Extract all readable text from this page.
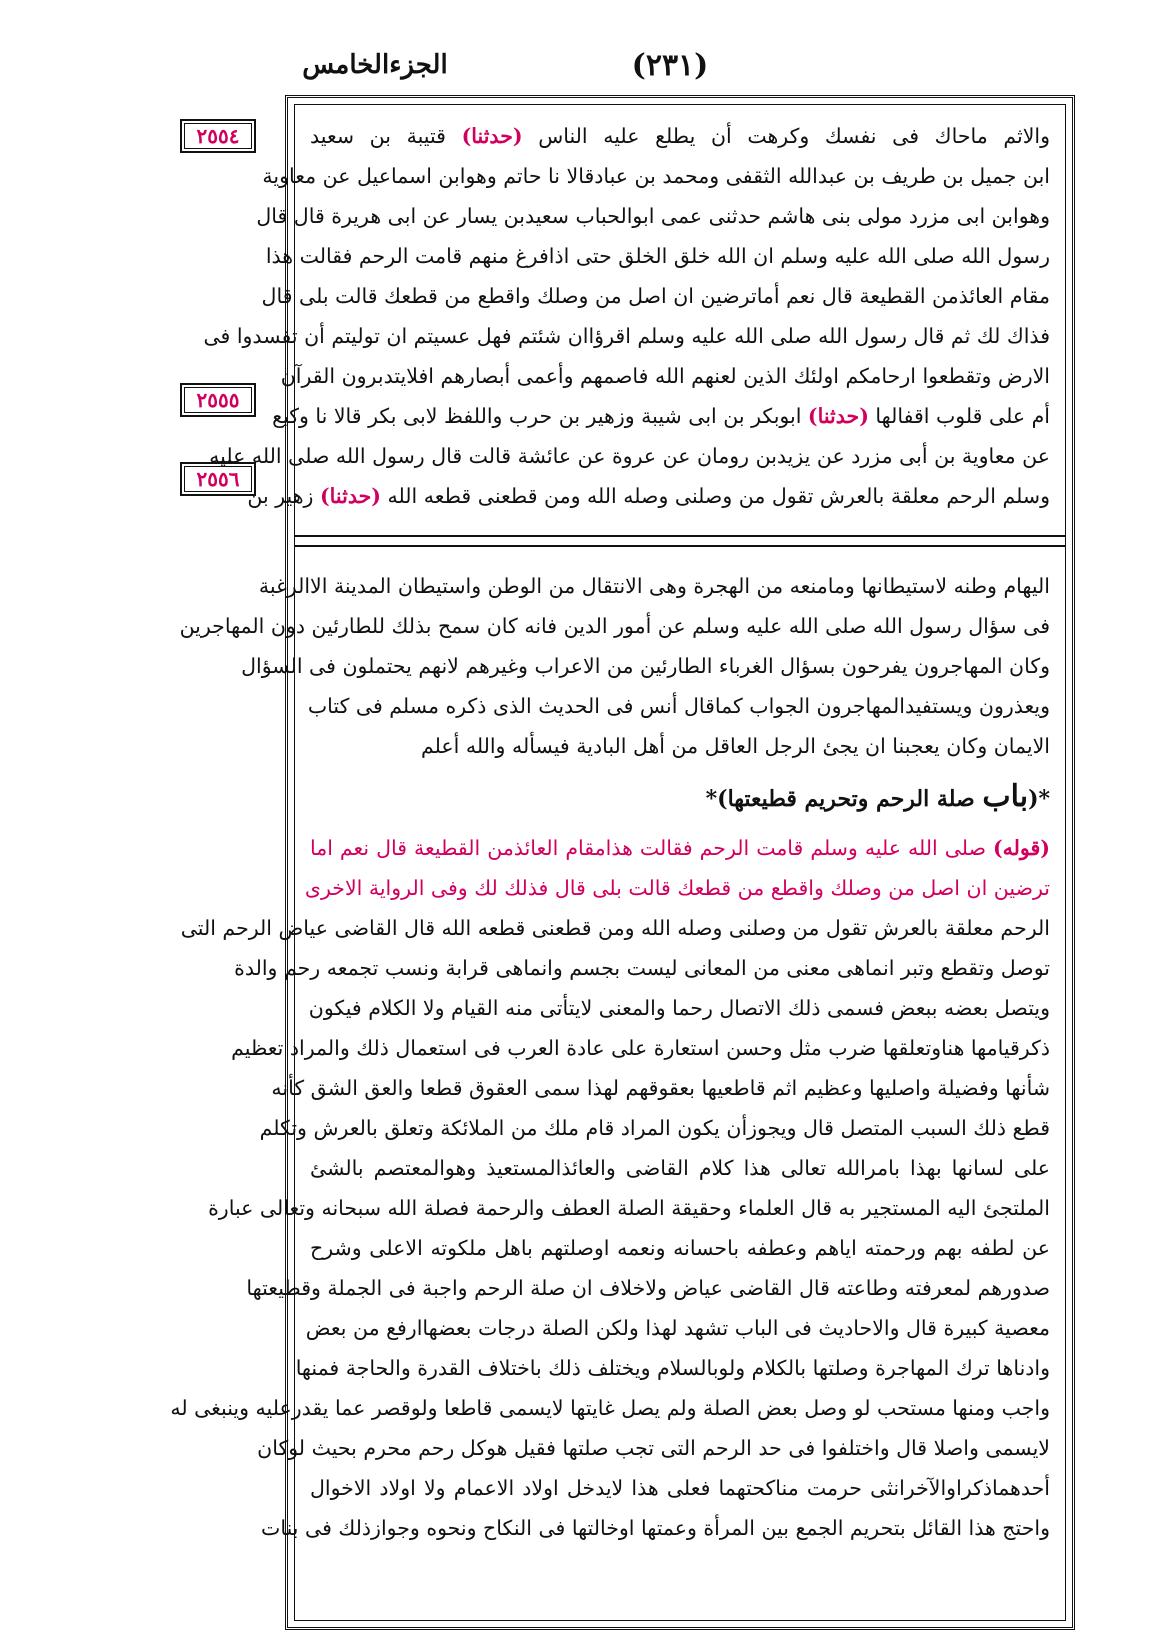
(٢٣١)
الجزءالخامس
٢٥٥٤
٢٥٥٥
٢٥٥٦
والاثم ماحاك فى نفسك وكرهت أن يطلع عليه الناس (حدثنا) قتيبة بن سعيد
ابن جميل بن طريف بن عبدالله الثقفى ومحمد بن عبادقالا نا حاتم وهوابن اسماعيل عن معاوية
وهوابن ابى مزرد مولى بنى هاشم حدثنى عمى ابوالحباب سعيدبن يسار عن ابى هريرة قال قال
رسول الله صلى الله عليه وسلم ان الله خلق الخلق حتى اذافرغ منهم قامت الرحم فقالت هذا
مقام العائذمن القطيعة قال نعم أماترضين ان اصل من وصلك واقطع من قطعك قالت بلى قال
فذاك لك ثم قال رسول الله صلى الله عليه وسلم اقرؤاان شئتم فهل عسيتم ان توليتم أن تفسدوا فى
الارض وتقطعوا ارحامكم اولئك الذين لعنهم الله فاصمهم وأعمى أبصارهم افلايتدبرون القرآن
أم على قلوب اقفالها (حدثنا) ابوبكر بن ابى شيبة وزهير بن حرب واللفظ لابى بكر قالا نا وكيع
عن معاوية بن أبى مزرد عن يزيدبن رومان عن عروة عن عائشة قالت قال رسول الله صلى الله عليه
وسلم الرحم معلقة بالعرش تقول من وصلنى وصله الله ومن قطعنى قطعه الله (حدثنا) زهير بن
اليهام وطنه لاستيطانها ومامنعه من الهجرة وهى الانتقال من الوطن واستيطان المدينة الاالرغبة
فى سؤال رسول الله صلى الله عليه وسلم عن أمور الدين فانه كان سمح بذلك للطارئين دون المهاجرين
وكان المهاجرون يفرحون بسؤال الغرباء الطارئين من الاعراب وغيرهم لانهم يحتملون فى السؤال
ويعذرون ويستفيدالمهاجرون الجواب كماقال أنس فى الحديث الذى ذكره مسلم فى كتاب
الايمان وكان يعجبنا ان يجئ الرجل العاقل من أهل البادية فيسأله والله أعلم
*(باب صلة الرحم وتحريم قطيعتها)*
(قوله) صلى الله عليه وسلم قامت الرحم فقالت هذامقام العائذمن القطيعة قال نعم اما
ترضين ان اصل من وصلك واقطع من قطعك قالت بلى قال فذلك لك وفى الرواية الاخرى
الرحم معلقة بالعرش تقول من وصلنى وصله الله ومن قطعنى قطعه الله قال القاضى عياض الرحم التى
توصل وتقطع وتبر انماهى معنى من المعانى ليست بجسم وانماهى قرابة ونسب تجمعه رحم والدة
ويتصل بعضه ببعض فسمى ذلك الاتصال رحما والمعنى لايتأتى منه القيام ولا الكلام فيكون
ذكرقيامها هناوتعلقها ضرب مثل وحسن استعارة على عادة العرب فى استعمال ذلك والمراد تعظيم
شأنها وفضيلة واصليها وعظيم اثم قاطعيها بعقوقهم لهذا سمى العقوق قطعا والعق الشق كأنه
قطع ذلك السبب المتصل قال ويجوزأن يكون المراد قام ملك من الملائكة وتعلق بالعرش وتكلم
على لسانها بهذا بامرالله تعالى هذا كلام القاضى والعائذالمستعيذ وهوالمعتصم بالشئ
الملتجئ اليه المستجير به قال العلماء وحقيقة الصلة العطف والرحمة فصلة الله سبحانه وتعالى عبارة
عن لطفه بهم ورحمته اياهم وعطفه باحسانه ونعمه اوصلتهم باهل ملكوته الاعلى وشرح
صدورهم لمعرفته وطاعته قال القاضى عياض ولاخلاف ان صلة الرحم واجبة فى الجملة وقطيعتها
معصية كبيرة قال والاحاديث فى الباب تشهد لهذا ولكن الصلة درجات بعضهاارفع من بعض
وادناها ترك المهاجرة وصلتها بالكلام ولوبالسلام ويختلف ذلك باختلاف القدرة والحاجة فمنها
واجب ومنها مستحب لو وصل بعض الصلة ولم يصل غايتها لايسمى قاطعا ولوقصر عما يقدرعليه وينبغى له
لايسمى واصلا قال واختلفوا فى حد الرحم التى تجب صلتها فقيل هوكل رحم محرم بحيث لوكان
أحدهماذكراوالآخرانثى حرمت مناكحتهما فعلى هذا لايدخل اولاد الاعمام ولا اولاد الاخوال
واحتج هذا القائل بتحريم الجمع بين المرأة وعمتها اوخالتها فى النكاح ونحوه وجوازذلك فى بنات
